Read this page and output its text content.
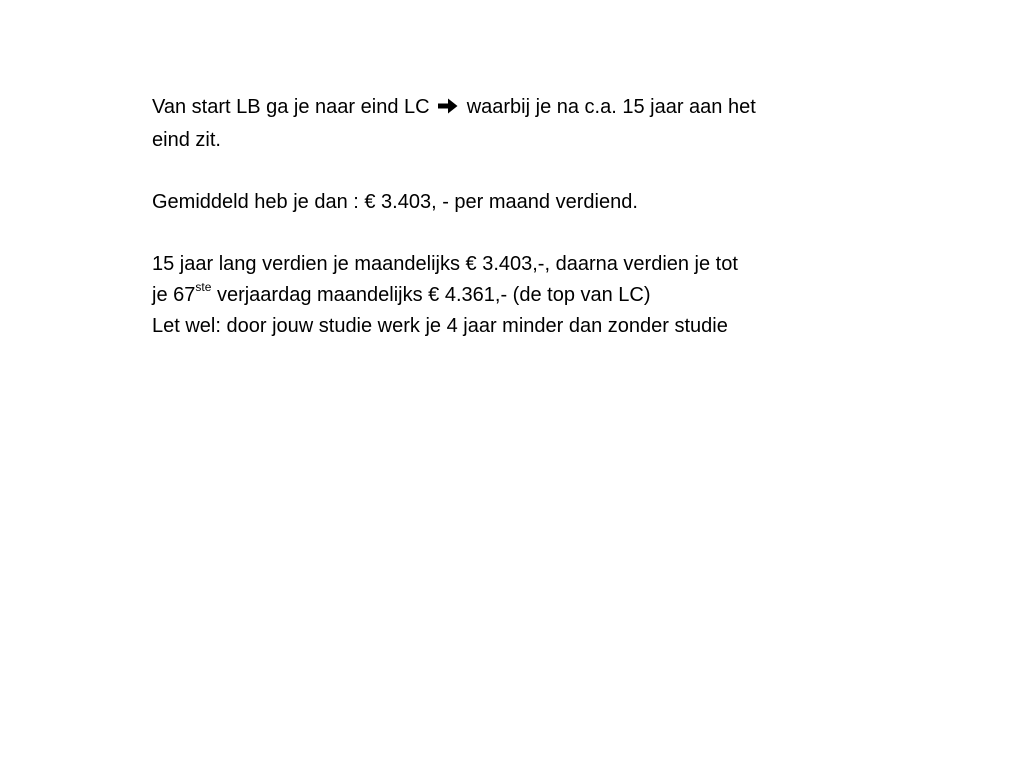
Van start LB ga je naar eind LC waarbij je na c.a. 15 jaar aan het
eind zit.

Gemiddeld heb je dan : € 3.403, - per maand verdiend.

15 jaar lang verdien je maandelijks € 3.403,-, daarna verdien je tot
je 67ste verjaardag maandelijks € 4.361,- (de top van LC)
Let wel: door jouw studie werk je 4 jaar minder dan zonder studie
